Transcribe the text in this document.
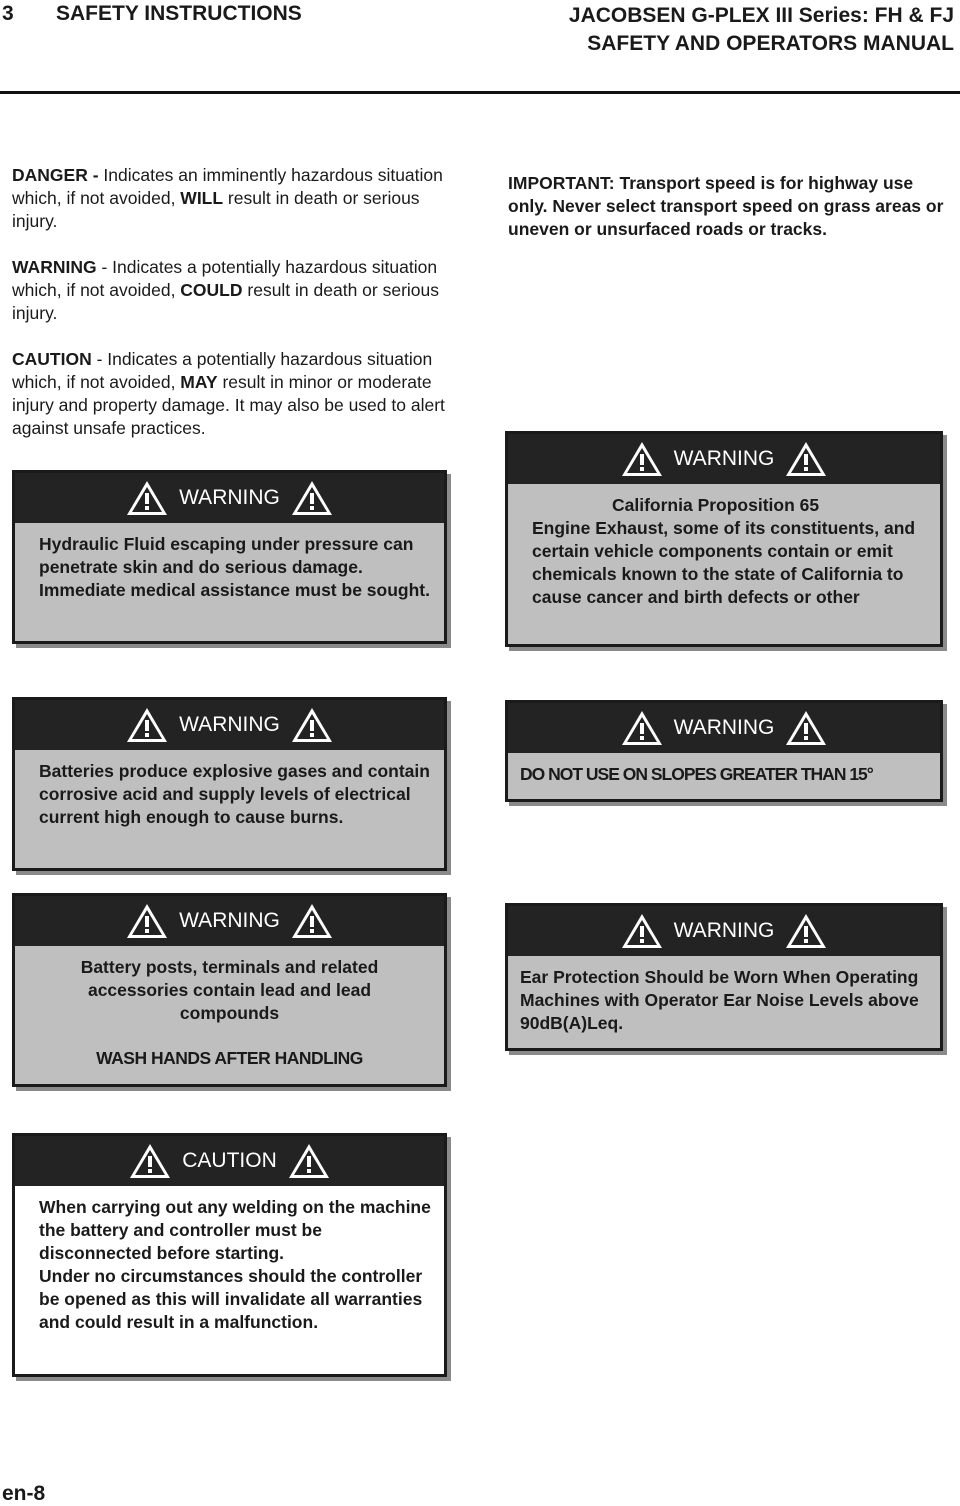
3 SAFETY INSTRUCTIONS	JACOBSEN G-PLEX III Series: FH & FJ
SAFETY AND OPERATORS MANUAL
DANGER - Indicates an imminently hazardous situation which, if not avoided, WILL result in death or serious injury.
WARNING - Indicates a potentially hazardous situation which, if not avoided, COULD result in death or serious injury.
CAUTION - Indicates a potentially hazardous situation which, if not avoided, MAY result in minor or moderate injury and property damage. It may also be used to alert against unsafe practices.
IMPORTANT: Transport speed is for highway use only. Never select transport speed on grass areas or uneven or unsurfaced roads or tracks.
WARNING
Hydraulic Fluid escaping under pressure can penetrate skin and do serious damage. Immediate medical assistance must be sought.
WARNING
California Proposition 65
Engine Exhaust, some of its constituents, and certain vehicle components contain or emit chemicals known to the state of California to cause cancer and birth defects or other
WARNING
Batteries produce explosive gases and contain corrosive acid and supply levels of electrical current high enough to cause burns.
WARNING
DO NOT USE ON SLOPES GREATER THAN 15°
WARNING
Battery posts, terminals and related accessories contain lead and lead compounds
WASH HANDS AFTER HANDLING
WARNING
Ear Protection Should be Worn When Operating Machines with Operator Ear Noise Levels above 90dB(A)Leq.
CAUTION
When carrying out any welding on the machine the battery and controller must be disconnected before starting.
Under no circumstances should the controller be opened as this will invalidate all warranties and could result in a malfunction.
en-8
